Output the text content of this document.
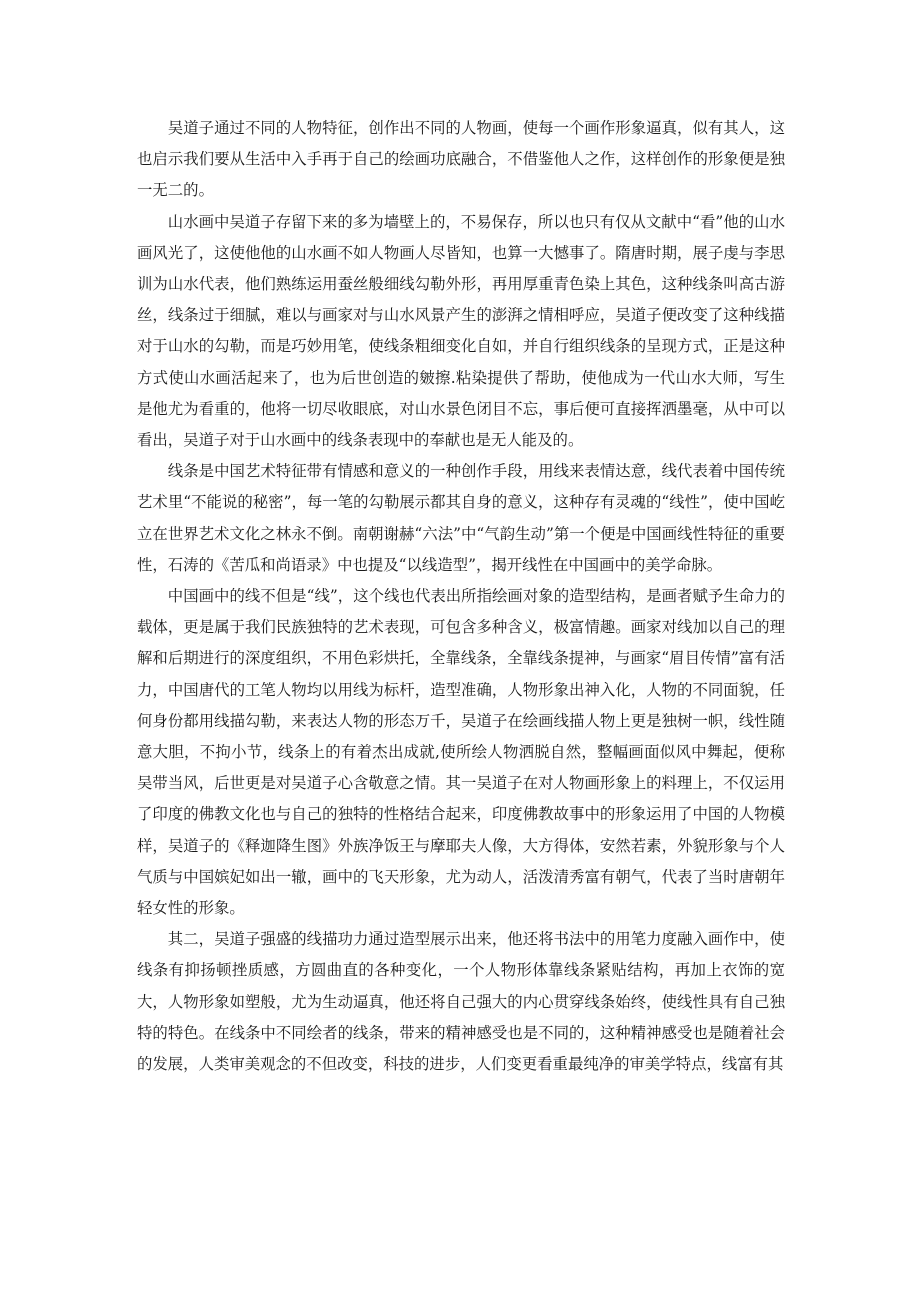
吴道子通过不同的人物特征，创作出不同的人物画，使每一个画作形象逼真，似有其人，这也启示我们要从生活中入手再于自己的绘画功底融合，不借鉴他人之作，这样创作的形象便是独一无二的。

山水画中吴道子存留下来的多为墙壁上的，不易保存，所以也只有仅从文献中“看”他的山水画风光了，这使他他的山水画不如人物画人尽皆知，也算一大憾事了。隋唐时期，展子虔与李思训为山水代表，他们熟练运用蚕丝般细线勾勒外形，再用厚重青色染上其色，这种线条叫高古游丝，线条过于细腻，难以与画家对与山水风景产生的澎湃之情相呼应，吴道子便改变了这种线描对于山水的勾勒，而是巧妙用笔，使线条粗细变化自如，并自行组织线条的呈现方式，正是这种方式使山水画活起来了，也为后世创造的皴擦.粘染提供了帮助，使他成为一代山水大师，写生是他尤为看重的，他将一切尽收眼底，对山水景色闭目不忘，事后便可直接挥洒墨毫，从中可以看出，吴道子对于山水画中的线条表现中的奉献也是无人能及的。

线条是中国艺术特征带有情感和意义的一种创作手段，用线来表情达意，线代表着中国传统艺术里“不能说的秘密”，每一笔的勾勒展示都其自身的意义，这种存有灵魂的“线性”，使中国屹立在世界艺术文化之林永不倒。南朝谢赫“六法”中“气韵生动”第一个便是中国画线性特征的重要性，石涛的《苦瓜和尚语录》中也提及“以线造型”，揭开线性在中国画中的美学命脉。

中国画中的线不但是“线”，这个线也代表出所指绘画对象的造型结构，是画者赋予生命力的载体，更是属于我们民族独特的艺术表现，可包含多种含义，极富情趣。画家对线加以自己的理解和后期进行的深度组织，不用色彩烘托，全靠线条，全靠线条提神，与画家“眉目传情”富有活力，中国唐代的工笔人物均以用线为标杆，造型准确，人物形象出神入化，人物的不同面貌，任何身份都用线描勾勒，来表达人物的形态万千，吴道子在绘画线描人物上更是独树一帜，线性随意大胆，不拘小节，线条上的有着杰出成就,使所绘人物洒脱自然，整幅画面似风中舞起，便称吴带当风，后世更是对吴道子心含敬意之情。其一吴道子在对人物画形象上的料理上，不仅运用了印度的佛教文化也与自己的独特的性格结合起来，印度佛教故事中的形象运用了中国的人物模样，吴道子的《释迦降生图》外族净饭王与摩耶夫人像，大方得体，安然若素，外貌形象与个人气质与中国嫔妃如出一辙，画中的飞天形象，尤为动人，活泼清秀富有朝气，代表了当时唐朝年轻女性的形象。

其二，吴道子强盛的线描功力通过造型展示出来，他还将书法中的用笔力度融入画作中，使线条有抑扬顿挫质感，方圆曲直的各种变化，一个人物形体靠线条紧贴结构，再加上衣饰的宽大，人物形象如塑般，尤为生动逼真，他还将自己强大的内心贯穿线条始终，使线性具有自己独特的特色。在线条中不同绘者的线条，带来的精神感受也是不同的，这种精神感受也是随着社会的发展，人类审美观念的不但改变，科技的进步，人们变更看重最纯净的审美学特点，线富有其
